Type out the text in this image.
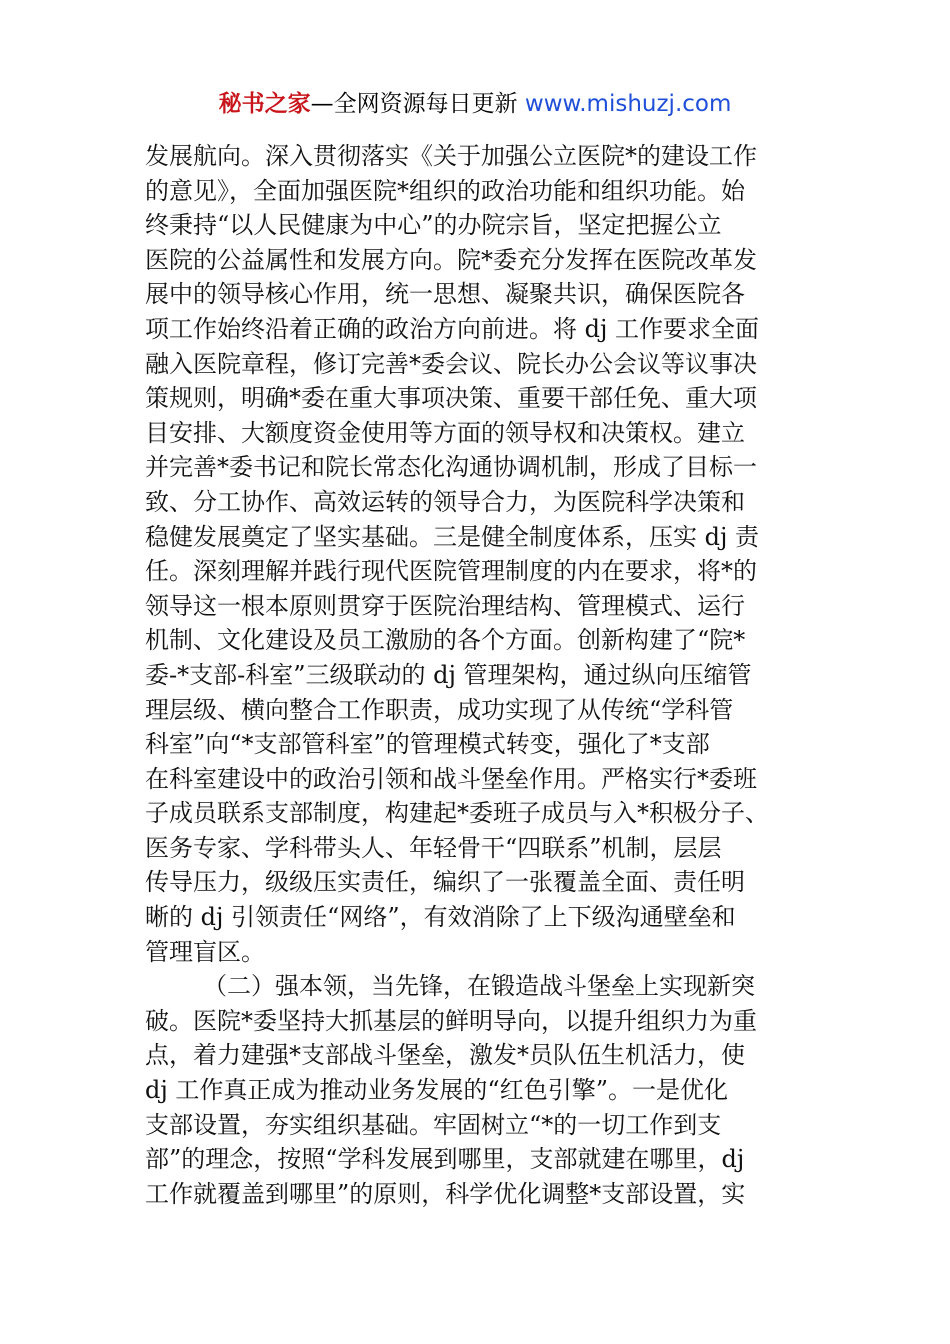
秘书之家—全网资源每日更新 www.mishuzj.com
发展航向。深入贯彻落实《关于加强公立医院*的建设工作
的意见》，全面加强医院*组织的政治功能和组织功能。始
终秉持“以人民健康为中心”的办院宗旨，坚定把握公立
医院的公益属性和发展方向。院*委充分发挥在医院改革发
展中的领导核心作用，统一思想、凝聚共识，确保医院各
项工作始终沿着正确的政治方向前进。将 dj 工作要求全面
融入医院章程，修订完善*委会议、院长办公会议等议事决
策规则，明确*委在重大事项决策、重要干部任免、重大项
目安排、大额度资金使用等方面的领导权和决策权。建立
并完善*委书记和院长常态化沟通协调机制，形成了目标一
致、分工协作、高效运转的领导合力，为医院科学决策和
稳健发展奠定了坚实基础。三是健全制度体系，压实 dj 责
任。深刻理解并践行现代医院管理制度的内在要求，将*的
领导这一根本原则贯穿于医院治理结构、管理模式、运行
机制、文化建设及员工激励的各个方面。创新构建了“院*
委-*支部-科室”三级联动的 dj 管理架构，通过纵向压缩管
理层级、横向整合工作职责，成功实现了从传统“学科管
科室”向“*支部管科室”的管理模式转变，强化了*支部
在科室建设中的政治引领和战斗堡垒作用。严格实行*委班
子成员联系支部制度，构建起*委班子成员与入*积极分子、
医务专家、学科带头人、年轻骨干“四联系”机制，层层
传导压力，级级压实责任，编织了一张覆盖全面、责任明
晰的 dj 引领责任“网络”，有效消除了上下级沟通壁垒和
管理盲区。
（二）强本领，当先锋，在锻造战斗堡垒上实现新突
破。医院*委坚持大抓基层的鲜明导向，以提升组织力为重
点，着力建强*支部战斗堡垒，激发*员队伍生机活力，使
dj 工作真正成为推动业务发展的“红色引擎”。一是优化
支部设置，夯实组织基础。牢固树立“*的一切工作到支
部”的理念，按照“学科发展到哪里，支部就建在哪里，dj
工作就覆盖到哪里”的原则，科学优化调整*支部设置，实
